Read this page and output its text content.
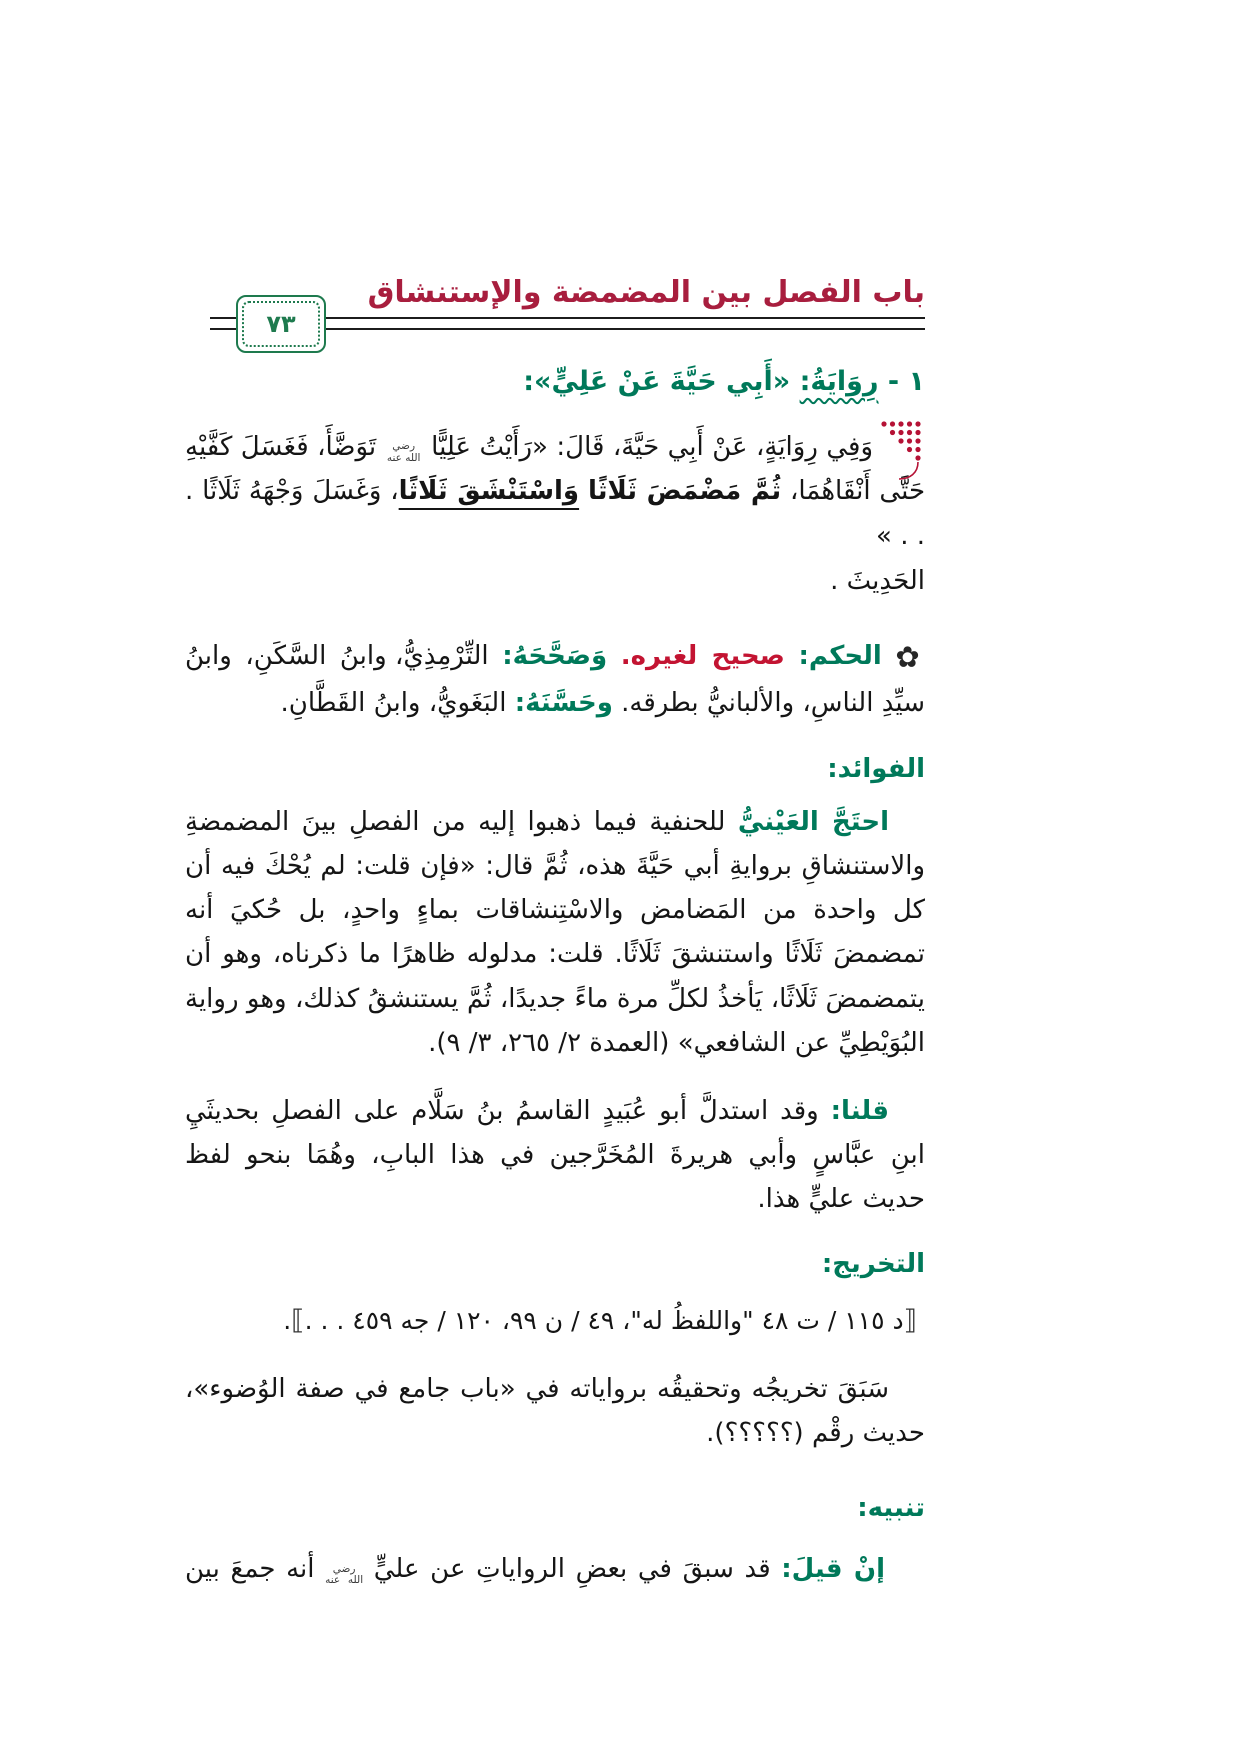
باب الفصل بين المضمضة والإستنشاق
٧٣
١ - رِوَايَةُ: «أَبِي حَيَّةَ عَنْ عَلِيٍّ»:

وَفِي رِوَايَةٍ، عَنْ أَبِي حَيَّةَ، قَالَ: «رَأَيْتُ عَلِيًّا رضي الله عنه تَوَضَّأَ، فَغَسَلَ كَفَّيْهِ حَتَّى أَنْقَاهُمَا، ثُمَّ مَضْمَضَ ثَلَاثًا وَاسْتَنْشَقَ ثَلَاثًا، وَغَسَلَ وَجْهَهُ ثَلَاثًا . . . »
الحَدِيثَ .

✿ الحكم: صحيح لغيره. وَصَحَّحَهُ: التِّرْمِذِيُّ، وابنُ السَّكَنِ، وابنُ سيِّدِ الناسِ، والألبانيُّ بطرقه. وحَسَّنَهُ: البَغَويُّ، وابنُ القَطَّانِ.

الفوائد:

احتَجَّ العَيْنيُّ للحنفية فيما ذهبوا إليه من الفصلِ بينَ المضمضةِ والاستنشاقِ بروايةِ أبي حَيَّةَ هذه، ثُمَّ قال: «فإن قلت: لم يُحْكَ فيه أن كل واحدة من المَضامض والاسْتِنشاقات بماءٍ واحدٍ، بل حُكيَ أنه تمضمضَ ثَلَاثًا واستنشقَ ثَلَاثًا. قلت: مدلوله ظاهرًا ما ذكرناه، وهو أن يتمضمضَ ثَلَاثًا، يَأخذُ لكلِّ مرة ماءً جديدًا، ثُمَّ يستنشقُ كذلك، وهو رواية البُوَيْطِيِّ عن الشافعي» (العمدة ٢/ ٢٦٥، ٣/ ٩).

قلنا: وقد استدلَّ أبو عُبَيدٍ القاسمُ بنُ سَلَّام على الفصلِ بحديثَيِ ابنِ عبَّاسٍ وأبي هريرةَ المُخَرَّجين في هذا البابِ، وهُمَا بنحو لفظ حديث عليٍّ هذا.

التخريج:

⟦د ١١٥ / ت ٤٨ "واللفظُ له"، ٤٩ / ن ٩٩، ١٢٠ / جه ٤٥٩ . . .⟧.

سَبَقَ تخريجُه وتحقيقُه برواياته في «باب جامع في صفة الوُضوء»، حديث رقْم (؟؟؟؟؟).

تنبيه:

إنْ قيلَ: قد سبقَ في بعضِ الرواياتِ عن عليٍّ رضي الله عنه أنه جمعَ بين
